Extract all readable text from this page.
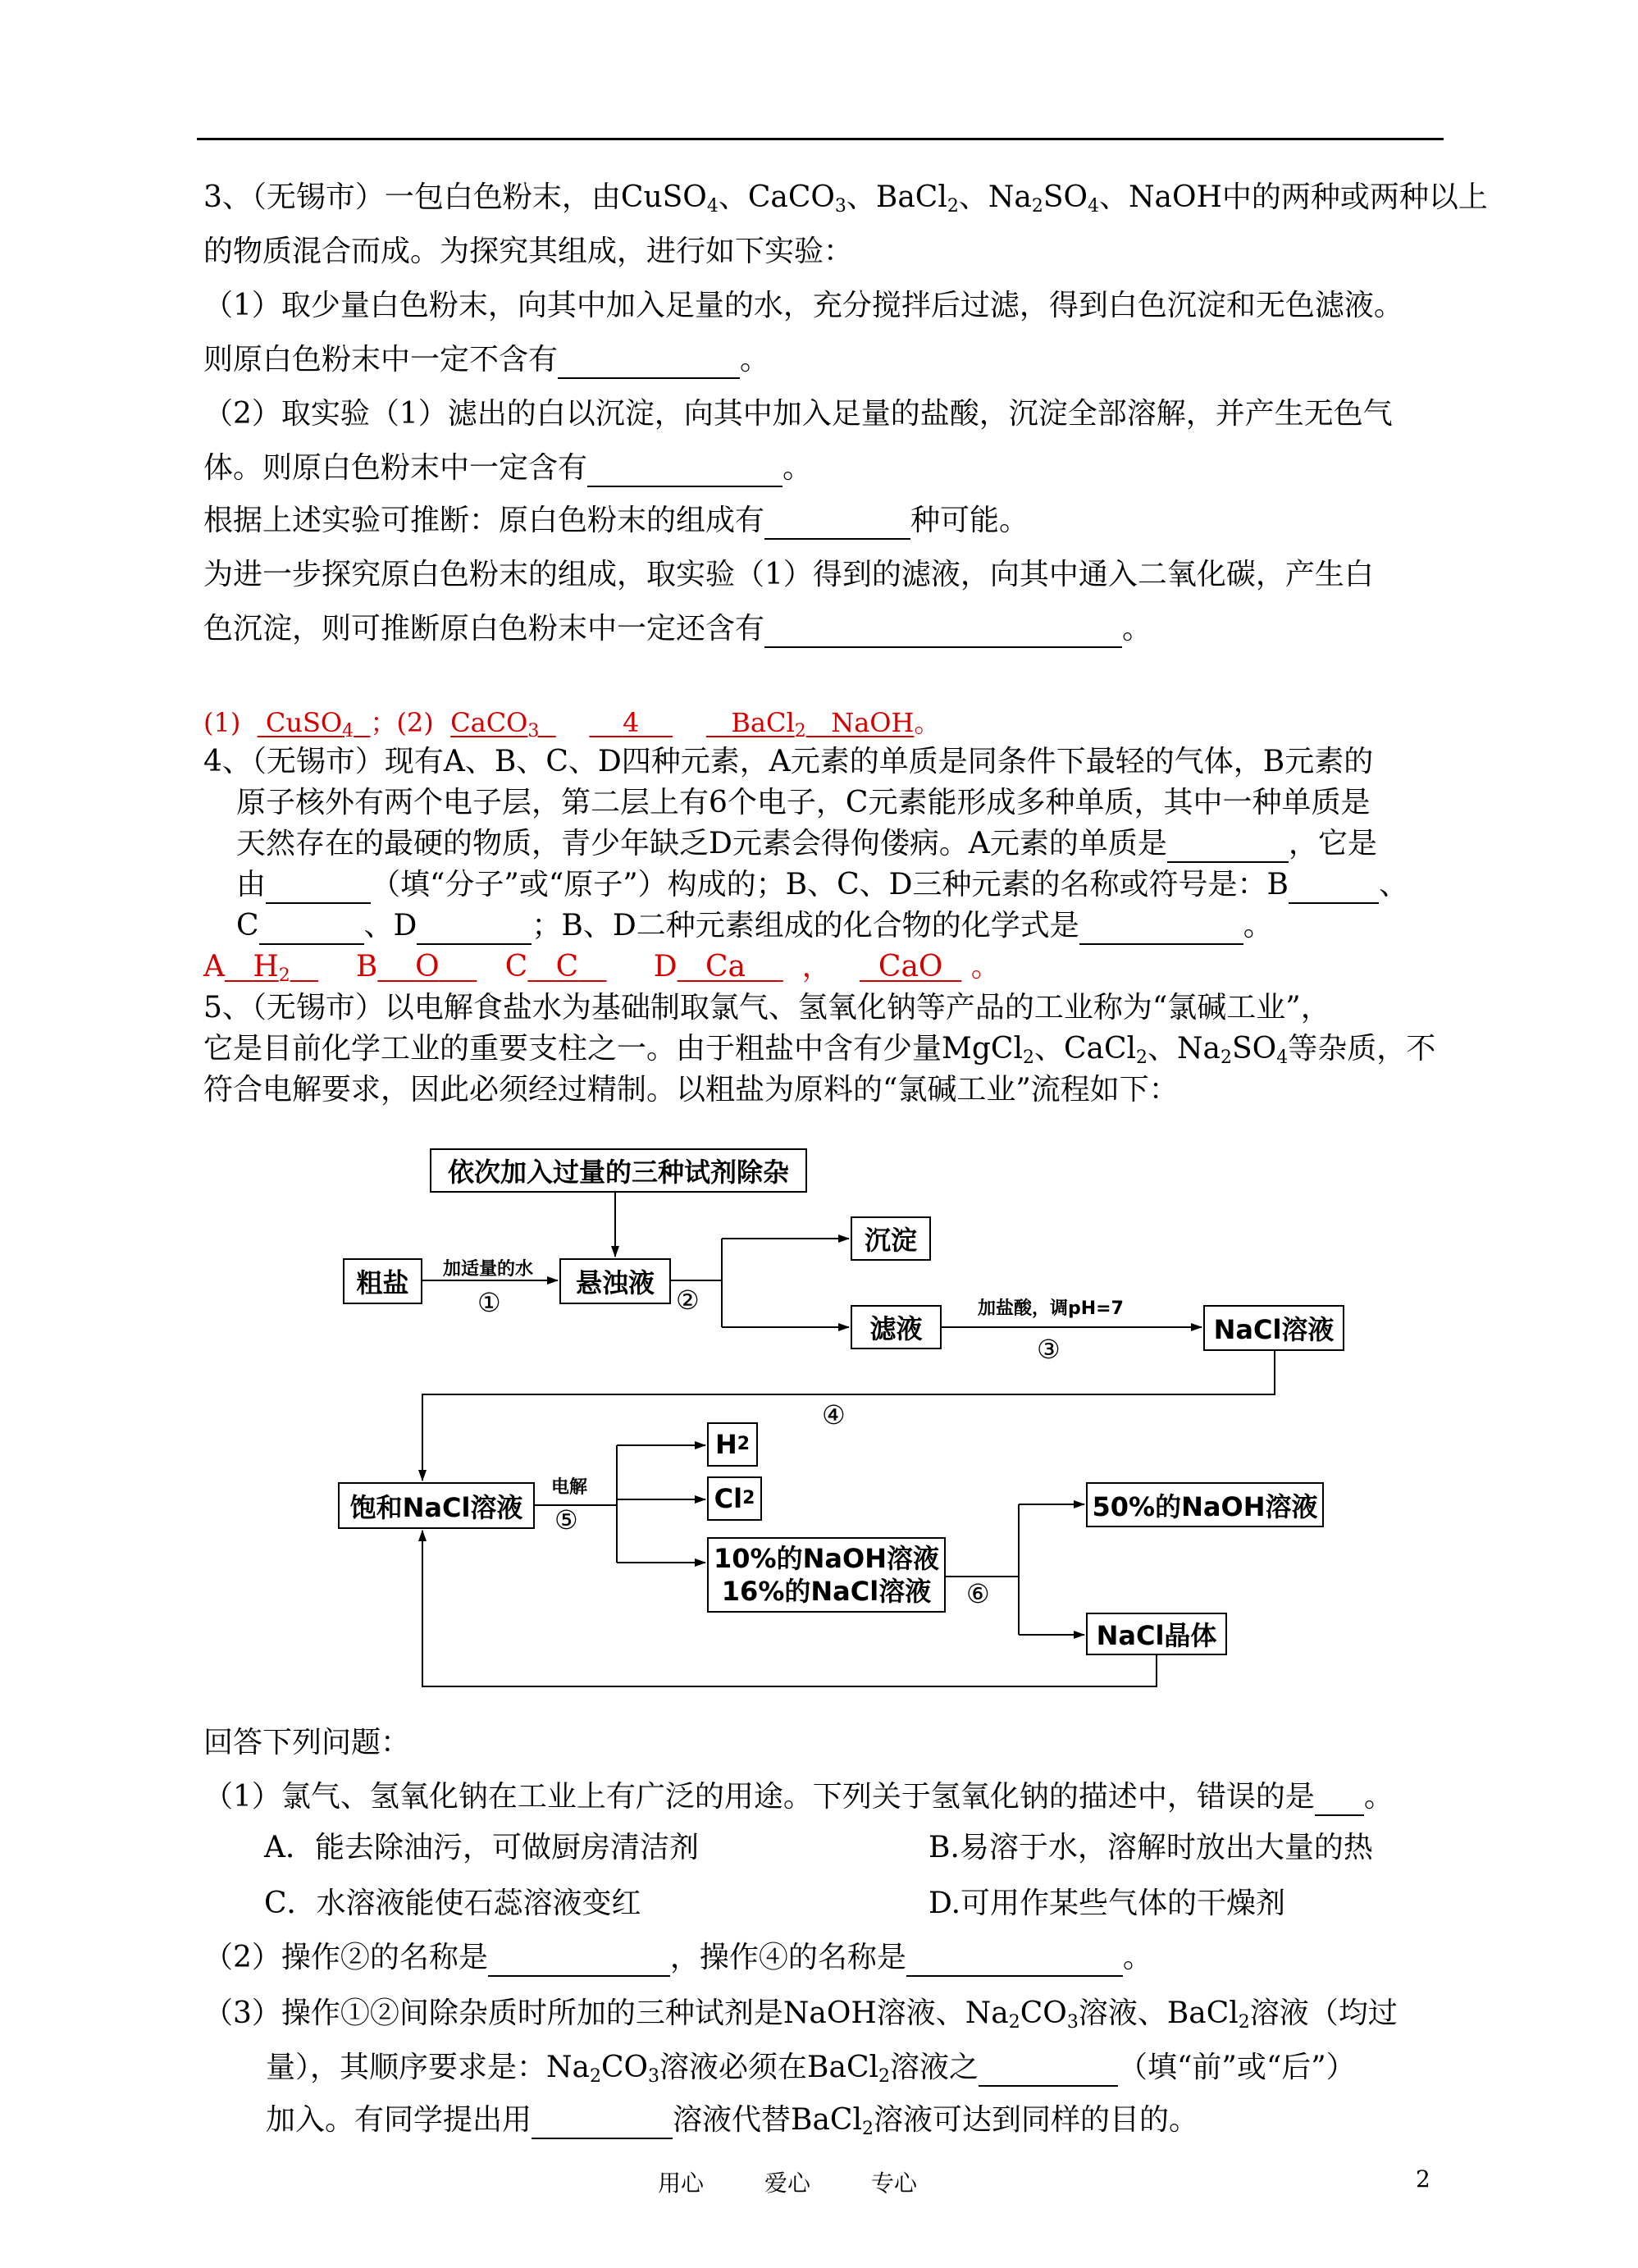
3、（无锡市）一包白色粉末，由CuSO$_4$、CaCO$_3$、BaCl$_2$、$Na_2SO_4$、NaOH中的两种或两种以上
的物质混合而成。为探究其组成，进行如下实验：
（1）取少量白色粉末，向其中加入足量的水，充分搅拌后过滤，得到白色沉淀和无色滤液。
则原白色粉末中一定不含有	。
（2）取实验（1）滤出的白以沉淀，向其中加入足量的盐酸，沉淀全部溶解，并产生无色气
体。则原白色粉末中一定含有	。
根据上述实验可推断：原白色粉末的组成有	种可能。
为进一步探究原白色粉末的组成，取实验（1）得到的滤液，向其中通入二氧化碳，产生白
色沉淀，则可推断原白色粉末中一定还含有	。
(1) CuSO$_4$ ；(2) CaCO$_3$	4	BaCl$_2$ NaOH。
4、（无锡市）现有A、B、C、D四种元素，A元素的单质是同条件下最轻的气体，B元素的
原子核外有两个电子层，第二层上有6个电子，C元素能形成多种单质，其中一种单质是
天然存在的最硬的物质，青少年缺乏D元素会得佝偻病。A元素的单质是	，它是
由	（填“分子”或“原子”）构成的；B、C、D三种元素的名称或符号是：B	、
C	、D	；B、D二种元素组成的化合物的化学式是	。
A $H_2$ B O C C	D Ca ， CaO 。
5、（无锡市）以电解食盐水为基础制取氯气、氢氧化钠等产品的工业称为“氯碱工业”，
它是目前化学工业的重要支柱之一。由于粗盐中含有少量MgCl$_2$、CaCl$_2$、$Na_2SO_4$等杂质，不
符合电解要求，因此必须经过精制。以粗盐为原料的“氯碱工业”流程如下：
依次加入过量的三种试剂除杂
粗盐	加适量的水
①
悬浊液
②
沉淀
滤液
加盐酸，调pH=7
③
NaCl溶液
④
饱和NaCl溶液
电解
⑤
H 2
Cl 2
10%的NaOH溶液
16%的NaCl溶液 ⑥
50%的NaOH溶液
NaCl晶体
回答下列问题：
（1）氯气、氢氧化钠在工业上有广泛的用途。下列关于氢氧化钠的描述中，错误的是 。
A．能去除油污，可做厨房清洁剂	B.易溶于水，溶解时放出大量的热
C．水溶液能使石蕊溶液变红	D.可用作某些气体的干燥剂
（2）操作②的名称是	，操作④的名称是	。
（3）操作①②间除杂质时所加的三种试剂是NaOH溶液、$Na_2CO_3$溶液、BaCl$_2$溶液（均过
量），其顺序要求是：$Na_2CO_3$溶液必须在BaCl$_2$溶液之	（填“前”或“后”）
加入。有同学提出用	溶液代替BaCl$_2$溶液可达到同样的目的。
用心	爱心	专心	2
